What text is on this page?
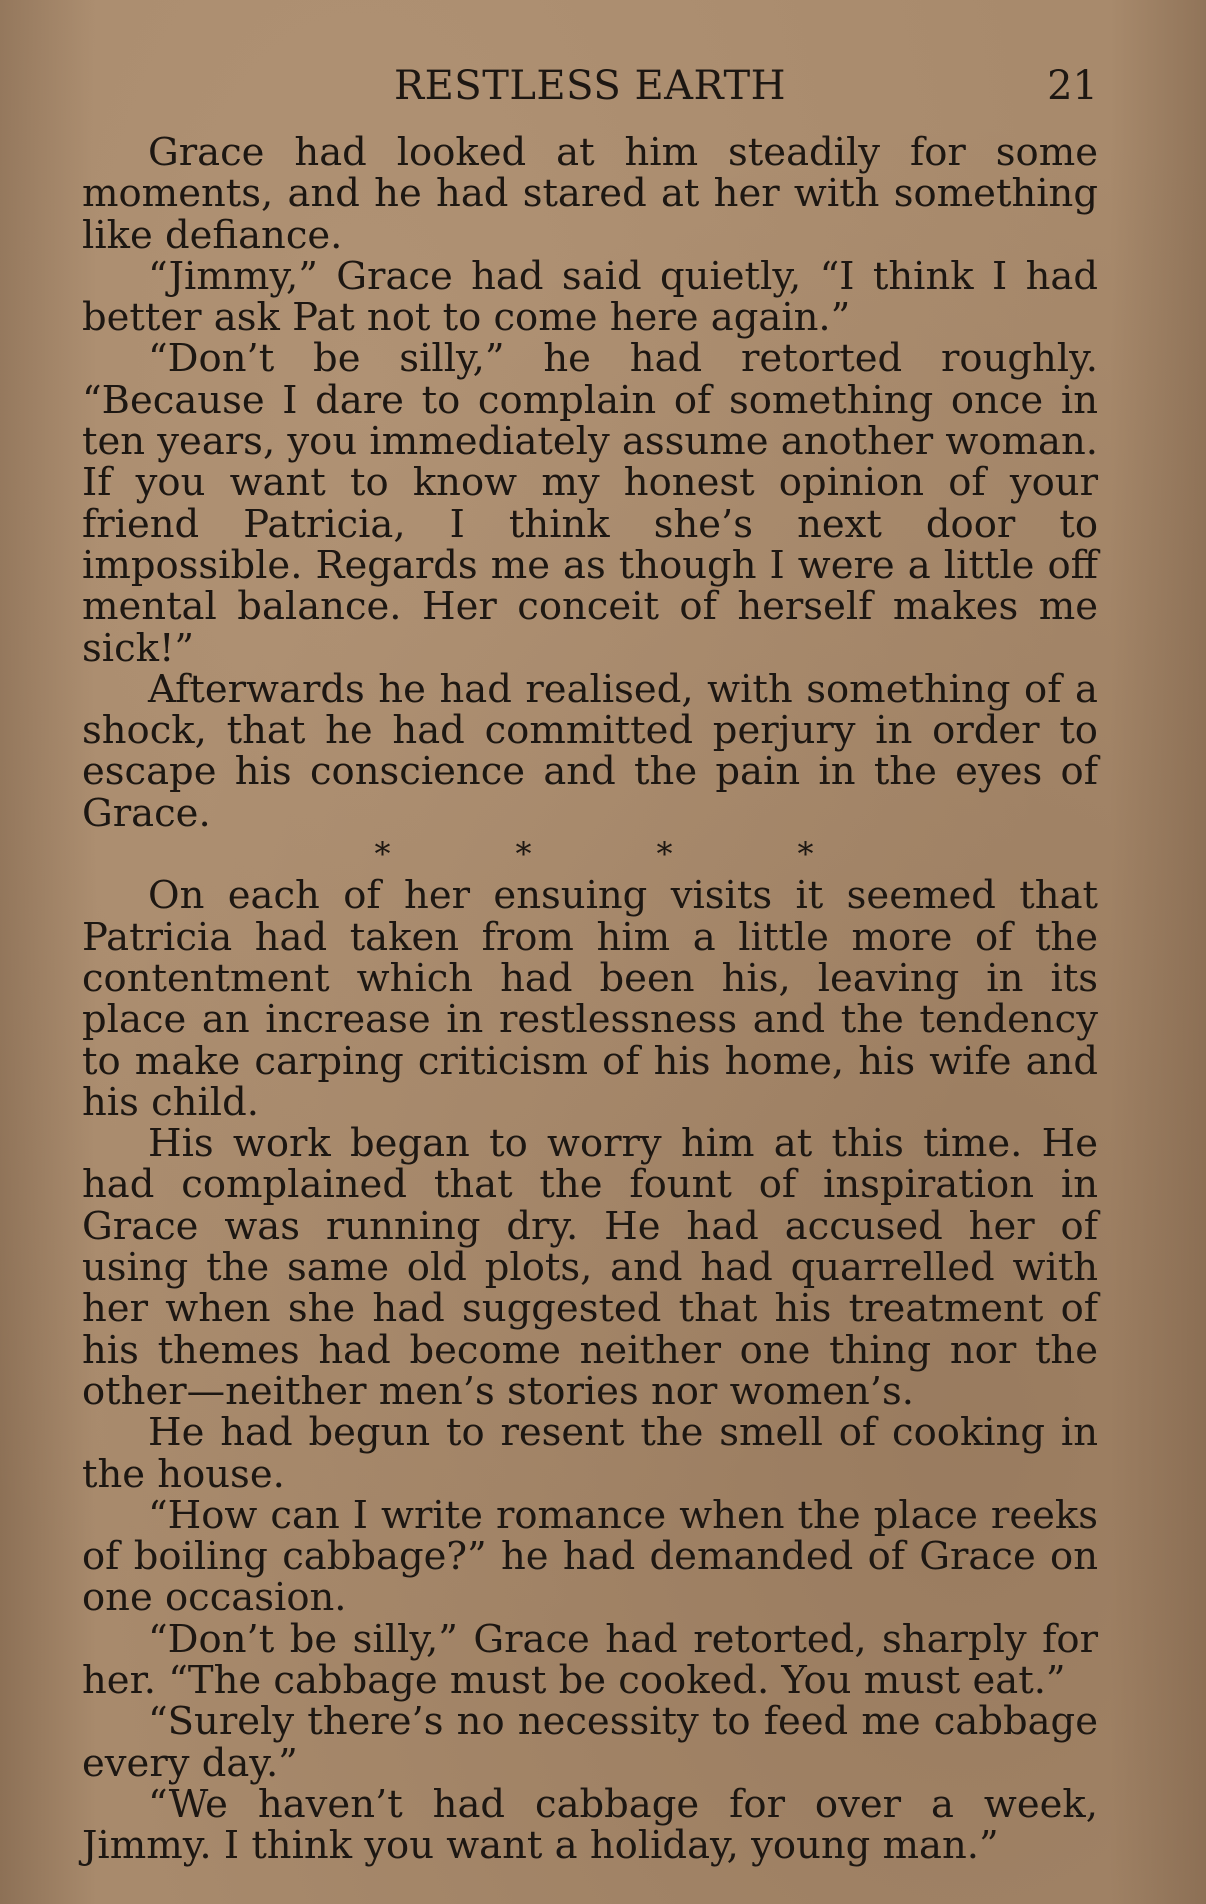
RESTLESS EARTH	21

Grace had looked at him steadily for some moments, and he had stared at her with something like defiance.

“Jimmy,” Grace had said quietly, “I think I had better ask Pat not to come here again.”

“Don’t be silly,” he had retorted roughly. “Because I dare to complain of something once in ten years, you immediately assume another woman. If you want to know my honest opinion of your friend Patricia, I think she’s next door to impossible. Regards me as though I were a little off mental balance. Her conceit of herself makes me sick!”

Afterwards he had realised, with something of a shock, that he had committed perjury in order to escape his conscience and the pain in the eyes of Grace.

*	*	*	*

On each of her ensuing visits it seemed that Patricia had taken from him a little more of the contentment which had been his, leaving in its place an increase in restlessness and the tendency to make carping criticism of his home, his wife and his child.

His work began to worry him at this time. He had complained that the fount of inspiration in Grace was running dry. He had accused her of using the same old plots, and had quarrelled with her when she had suggested that his treatment of his themes had become neither one thing nor the other—neither men’s stories nor women’s.

He had begun to resent the smell of cooking in the house.

“How can I write romance when the place reeks of boiling cabbage?” he had demanded of Grace on one occasion.

“Don’t be silly,” Grace had retorted, sharply for her. “The cabbage must be cooked. You must eat.”

“Surely there’s no necessity to feed me cabbage every day.”

“We haven’t had cabbage for over a week, Jimmy. I think you want a holiday, young man.”
